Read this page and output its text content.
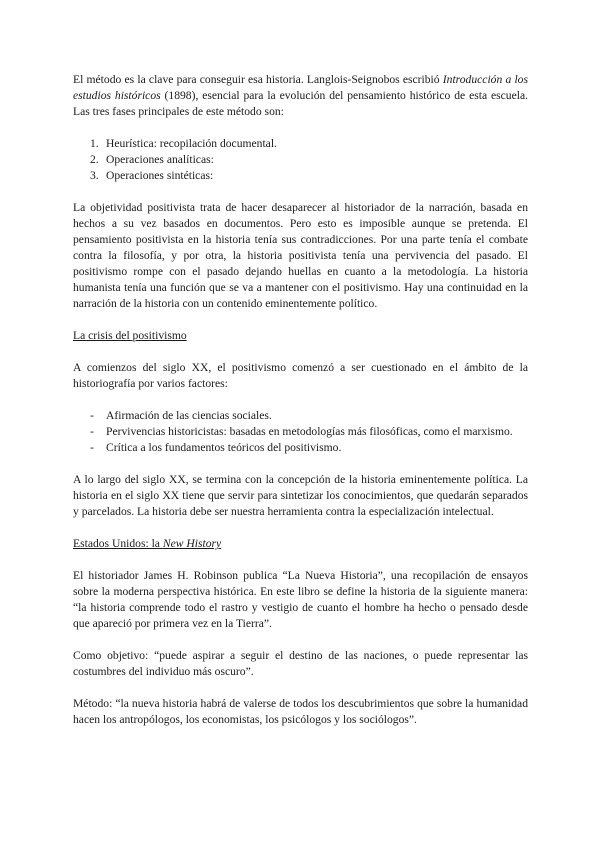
El método es la clave para conseguir esa historia. Langlois-Seignobos escribió Introducción a los estudios históricos (1898), esencial para la evolución del pensamiento histórico de esta escuela. Las tres fases principales de este método son:

1. Heurística: recopilación documental.
2. Operaciones analíticas:
3. Operaciones sintéticas:

La objetividad positivista trata de hacer desaparecer al historiador de la narración, basada en hechos a su vez basados en documentos. Pero esto es imposible aunque se pretenda. El pensamiento positivista en la historia tenía sus contradicciones. Por una parte tenía el combate contra la filosofía, y por otra, la historia positivista tenía una pervivencia del pasado. El positivismo rompe con el pasado dejando huellas en cuanto a la metodología. La historia humanista tenía una función que se va a mantener con el positivismo. Hay una continuidad en la narración de la historia con un contenido eminentemente político.

La crisis del positivismo

A comienzos del siglo XX, el positivismo comenzó a ser cuestionado en el ámbito de la historiografía por varios factores:

- Afirmación de las ciencias sociales.
- Pervivencias historicistas: basadas en metodologías más filosóficas, como el marxismo.
- Crítica a los fundamentos teóricos del positivismo.

A lo largo del siglo XX, se termina con la concepción de la historia eminentemente política. La historia en el siglo XX tiene que servir para sintetizar los conocimientos, que quedarán separados y parcelados. La historia debe ser nuestra herramienta contra la especialización intelectual.

Estados Unidos: la New History

El historiador James H. Robinson publica “La Nueva Historia”, una recopilación de ensayos sobre la moderna perspectiva histórica. En este libro se define la historia de la siguiente manera: “la historia comprende todo el rastro y vestigio de cuanto el hombre ha hecho o pensado desde que apareció por primera vez en la Tierra”.

Como objetivo: “puede aspirar a seguir el destino de las naciones, o puede representar las costumbres del individuo más oscuro”.

Método: “la nueva historia habrá de valerse de todos los descubrimientos que sobre la humanidad hacen los antropólogos, los economistas, los psicólogos y los sociólogos”.
